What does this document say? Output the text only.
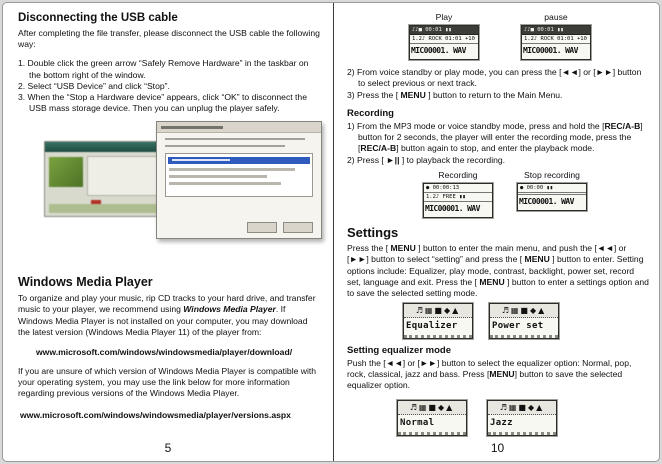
Disconnecting the USB cable

After completing the file transfer, please disconnect the USB cable the following way:

1. Double click the green arrow “Safely Remove Hardware” in the taskbar on the bottom right of the window.
2. Select “USB Device” and click “Stop”.
3. When the “Stop a Hardware device” appears, click “OK” to disconnect the USB mass storage device. Then you can unplug the player safely.
Windows Media Player

To organize and play your music, rip CD tracks to your hard drive, and transfer music to your player, we recommend using Windows Media Player. If Windows Media Player is not installed on your computer, you may download the latest version (Windows Media Player 11) of the player from:

www.microsoft.com/windows/windowsmedia/player/download/

If you are unsure of which version of Windows Media Player is compatible with your operating system, you may use the link below for more information regarding previous versions of the Windows Media Player.

www.microsoft.com/windows/windowsmedia/player/versions.aspx
5
Play
♪♪■ 00:01 ▮▮
1.2♪ ROCK 01:01 +10
MIC00001. WAV
pause
♪♪■ 00:01 ▮▮
1.2♪ ROCK 01:01 +10
MIC00001. WAV
2) From voice standby or play mode, you can press the [◄◄] or [►►] button to select previous or next track.
3) Press the [ MENU ] button to return to the Main Menu.
Recording
1) From the MP3 mode or voice standby mode, press and hold the [REC/A-B] button for 2 seconds, the player will enter the recording mode, press the [REC/A-B] button again to stop, and enter the playback mode.
2) Press [ ►|| ] to playback the recording.
Recording
● 00:00:13
1.2♪ FREE ▮▮
MIC00001. WAV
Stop recording
● 00:00 ▮▮
MIC00001. WAV
Settings

Press the [ MENU ] button to enter the main menu, and push the [◄◄] or [►►] button to select “setting” and press the [ MENU ] button to enter. Setting options include: Equalizer, play mode, contrast, backlight, power set, record set, language and exit. Press the [ MENU ] button to enter a settings option and to save the selected setting mode.

♬▦■◆▲
Equalizer
♬▦■◆▲
Power set
Setting equalizer mode

Push the [◄◄] or [►►] button to select the equalizer option: Normal, pop, rock, classical, jazz and bass. Press [MENU] button to save the selected equalizer option.

♬▦■◆▲
Normal
♬▦■◆▲
Jazz
10
